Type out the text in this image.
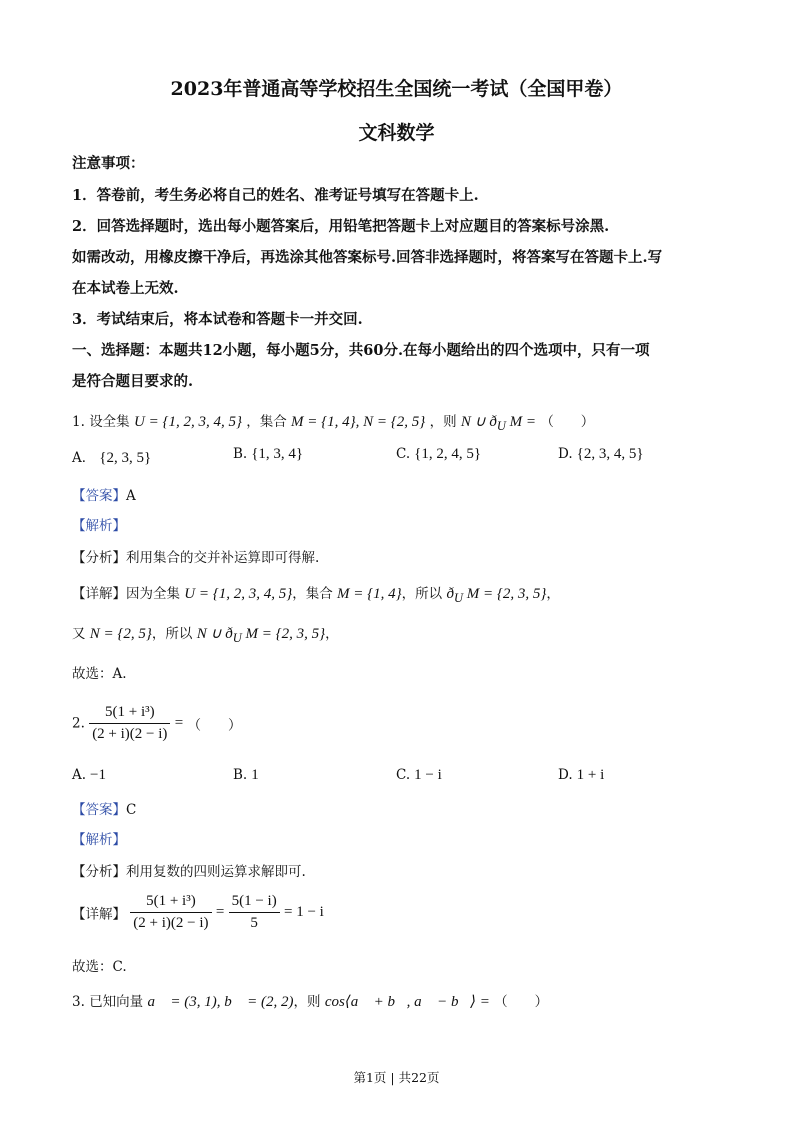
2023年普通高等学校招生全国统一考试（全国甲卷）
文科数学
注意事项：
1．答卷前，考生务必将自己的姓名、准考证号填写在答题卡上.
2．回答选择题时，选出每小题答案后，用铅笔把答题卡上对应题目的答案标号涂黑.
如需改动，用橡皮擦干净后，再选涂其他答案标号.回答非选择题时，将答案写在答题卡上.写
在本试卷上无效.
3．考试结束后，将本试卷和答题卡一并交回.
一、选择题：本题共12小题，每小题5分，共60分.在每小题给出的四个选项中，只有一项
是符合题目要求的.
1. 设全集 U = {1, 2, 3, 4, 5} ，集合 M = {1, 4}, N = {2, 5} ，则 N ∪ $ð_U$ M = （　　）
A． {2, 3, 5}	B. {1, 3, 4}	C. {1, 2, 4, 5}	D. {2, 3, 4, 5}
【答案】A
【解析】
【分析】利用集合的交并补运算即可得解.
【详解】因为全集 U = {1, 2, 3, 4, 5}，集合 M = {1, 4}，所以 $ð_U$ M = {2, 3, 5}，
又 N = {2, 5}，所以 N ∪ $ð_U$ M = {2, 3, 5}，
故选：A.
2. $\frac{\text{5(1 + i³)}}{(2 + i)(2 - i)}$ = （　　）
A. −1	B. 1	C. 1 − i	D. 1 + i
【答案】C
【解析】
【分析】利用复数的四则运算求解即可.
【详解】 $\frac{\text{5(1 + i³)}}{(2 + i)(2 - i)} = \frac{5(1 - i)}{5} = 1 - i$
故选：C.
3. 已知向量 a⃗ = (3, 1), b⃗ = (2, 2)，则 cos⟨a⃗ + b⃗, a⃗ − b⃗⟩ = （　　）
第1页 | 共22页
